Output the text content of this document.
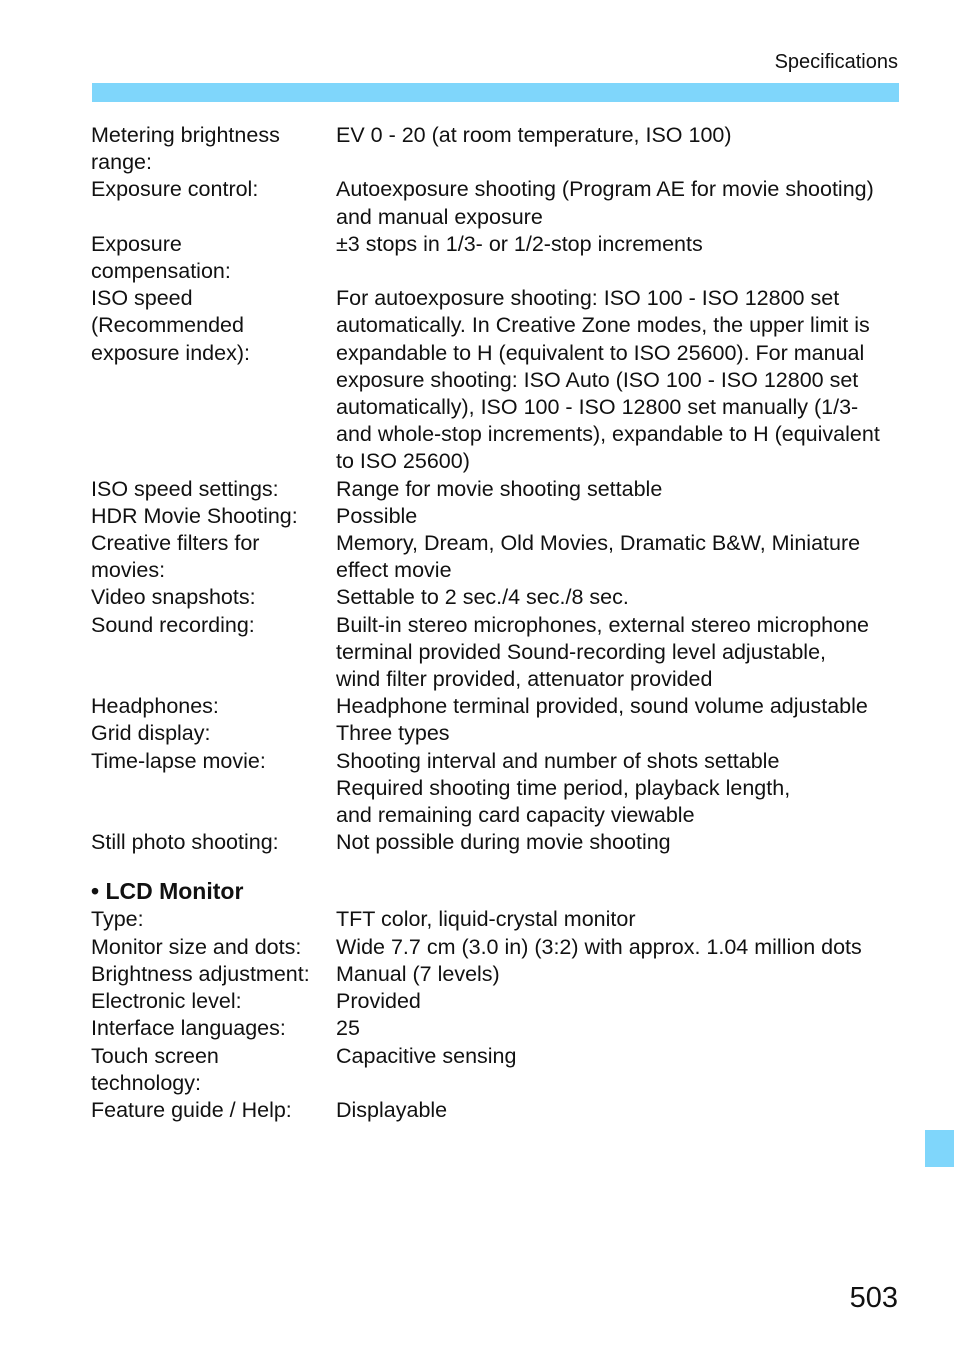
Specifications
Metering brightness range:
EV 0 - 20 (at room temperature, ISO 100)
Exposure control:	Autoexposure shooting (Program AE for movie shooting) and manual exposure
Exposure compensation:
±3 stops in 1/3- or 1/2-stop increments
ISO speed (Recommended exposure index):
For autoexposure shooting: ISO 100 - ISO 12800 set automatically. In Creative Zone modes, the upper limit is expandable to H (equivalent to ISO 25600). For manual exposure shooting: ISO Auto (ISO 100 - ISO 12800 set automatically), ISO 100 - ISO 12800 set manually (1/3- and whole-stop increments), expandable to H (equivalent to ISO 25600)
ISO speed settings:	Range for movie shooting settable
HDR Movie Shooting:	Possible
Creative filters for movies:
Memory, Dream, Old Movies, Dramatic B&W, Miniature effect movie
Video snapshots:	Settable to 2 sec./4 sec./8 sec.
Sound recording:	Built-in stereo microphones, external stereo microphone terminal provided Sound-recording level adjustable, wind filter provided, attenuator provided
Headphones:	Headphone terminal provided, sound volume adjustable
Grid display:	Three types
Time-lapse movie:	Shooting interval and number of shots settable Required shooting time period, playback length, and remaining card capacity viewable
Still photo shooting:	Not possible during movie shooting
• LCD Monitor
Type:	TFT color, liquid-crystal monitor
Monitor size and dots:	Wide 7.7 cm (3.0 in) (3:2) with approx. 1.04 million dots
Brightness adjustment:	Manual (7 levels)
Electronic level:	Provided
Interface languages:	25
Touch screen technology:
Capacitive sensing
Feature guide / Help:	Displayable
503
